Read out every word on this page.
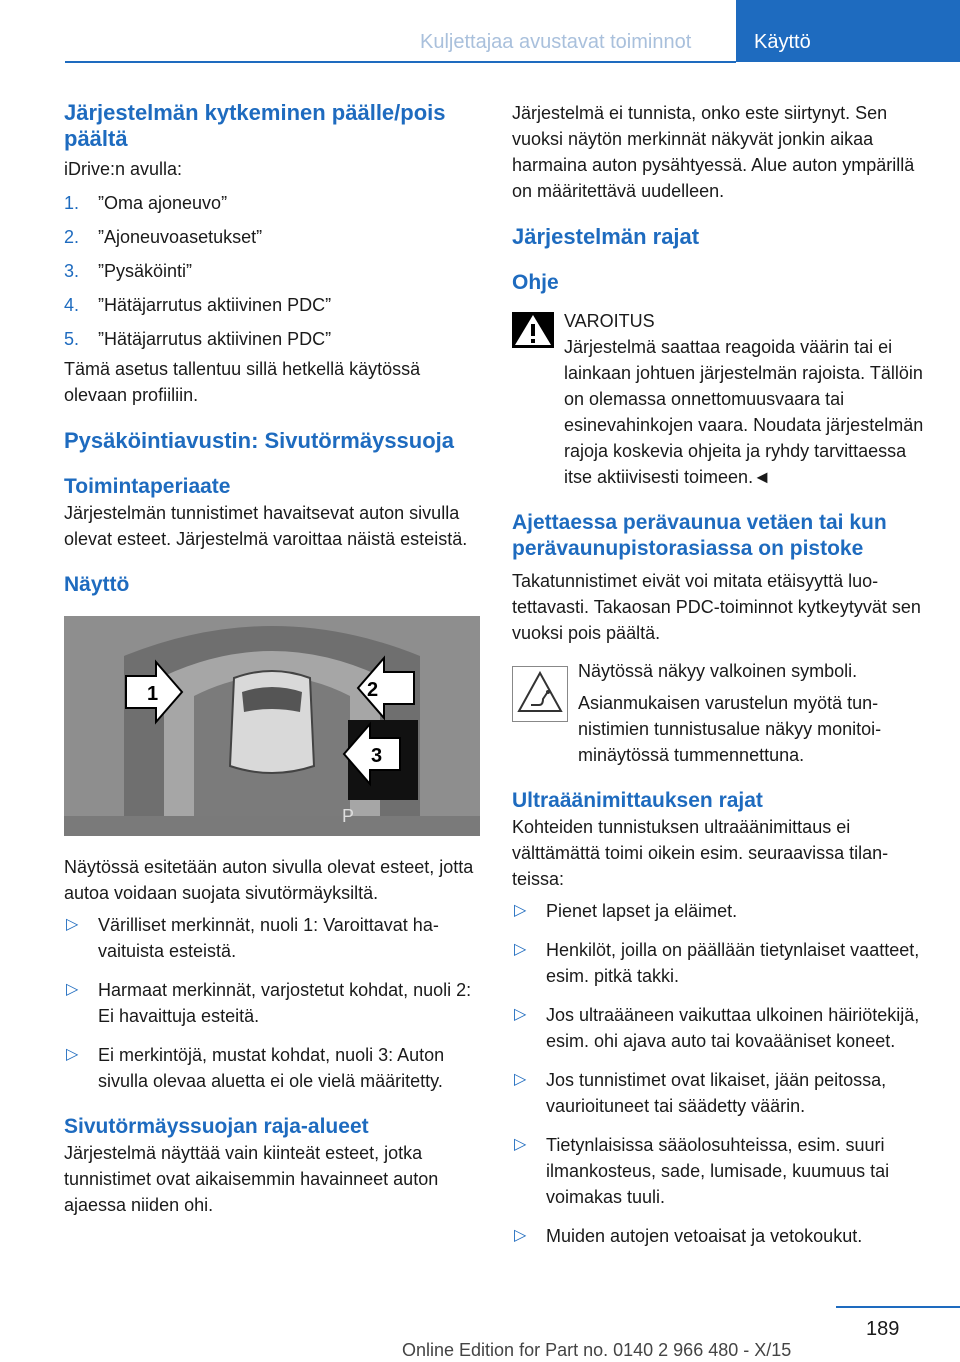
Kuljettajaa avustavat toiminnot	Käyttö
Järjestelmän kytkeminen päälle/pois päältä
iDrive:n avulla:
1. ”Oma ajoneuvo”
2. ”Ajoneuvoasetukset”
3. ”Pysäköinti”
4. ”Hätäjarrutus aktiivinen PDC”
5. ”Hätäjarrutus aktiivinen PDC”
Tämä asetus tallentuu sillä hetkellä käytössä olevaan profiiliin.
Pysäköintiavustin: Sivutörmäyssuoja
Toimintaperiaate
Järjestelmän tunnistimet havaitsevat auton sivulla olevat esteet. Järjestelmä varoittaa näistä esteistä.
Näyttö
1	2
3
P
Näytössä esitetään auton sivulla olevat esteet, jotta autoa voidaan suojata sivutörmäyksiltä.
▷ Värilliset merkinnät, nuoli 1: Varoittavat havaituista esteistä.
▷ Harmaat merkinnät, varjostetut kohdat, nuoli 2: Ei havaittuja esteitä.
▷ Ei merkintöjä, mustat kohdat, nuoli 3: Auton sivulla olevaa aluetta ei ole vielä määritetty.
Sivutörmäyssuojan raja-alueet
Järjestelmä näyttää vain kiinteät esteet, jotka tunnistimet ovat aikaisemmin havainneet auton ajaessa niiden ohi.
Järjestelmä ei tunnista, onko este siirtynyt. Sen vuoksi näytön merkinnät näkyvät jonkin aikaa harmaina auton pysähtyessä. Alue auton ympärillä on määritettävä uudelleen.
Järjestelmän rajat
Ohje
VAROITUS
Järjestelmä saattaa reagoida väärin tai ei lainkaan johtuen järjestelmän rajoista. Tällöin on olemassa onnettomuusvaara tai esinevahinkojen vaara. Noudata järjestelmän rajoja koskevia ohjeita ja ryhdy tarvittaessa itse aktiivisesti toimeen.◄
Ajettaessa perävaunua vetäen tai kun perävaunupistorasiassa on pistoke
Takatunnistimet eivät voi mitata etäisyyttä luotettavasti. Takaosan PDC-toiminnot kytkeytyvät sen vuoksi pois päältä.
Näytössä näkyy valkoinen symboli.
Asianmukaisen varustelun myötä tunnistimien tunnistusalue näkyy monitoiminäytössä tummennettuna.
Ultraäänimittauksen rajat
Kohteiden tunnistuksen ultraäänimittaus ei välttämättä toimi oikein esim. seuraavissa tilanteissa:
▷ Pienet lapset ja eläimet.
▷ Henkilöt, joilla on päällään tietynlaiset vaatteet, esim. pitkä takki.
▷ Jos ultraääneen vaikuttaa ulkoinen häiriötekijä, esim. ohi ajava auto tai kovaääniset koneet.
▷ Jos tunnistimet ovat likaiset, jään peitossa, vaurioituneet tai säädetty väärin.
▷ Tietynlaisissa sääolosuhteissa, esim. suuri ilmankosteus, sade, lumisade, kuumuus tai voimakas tuuli.
▷ Muiden autojen vetoaisat ja vetokoukut.
189
Online Edition for Part no. 0140 2 966 480 - X/15
